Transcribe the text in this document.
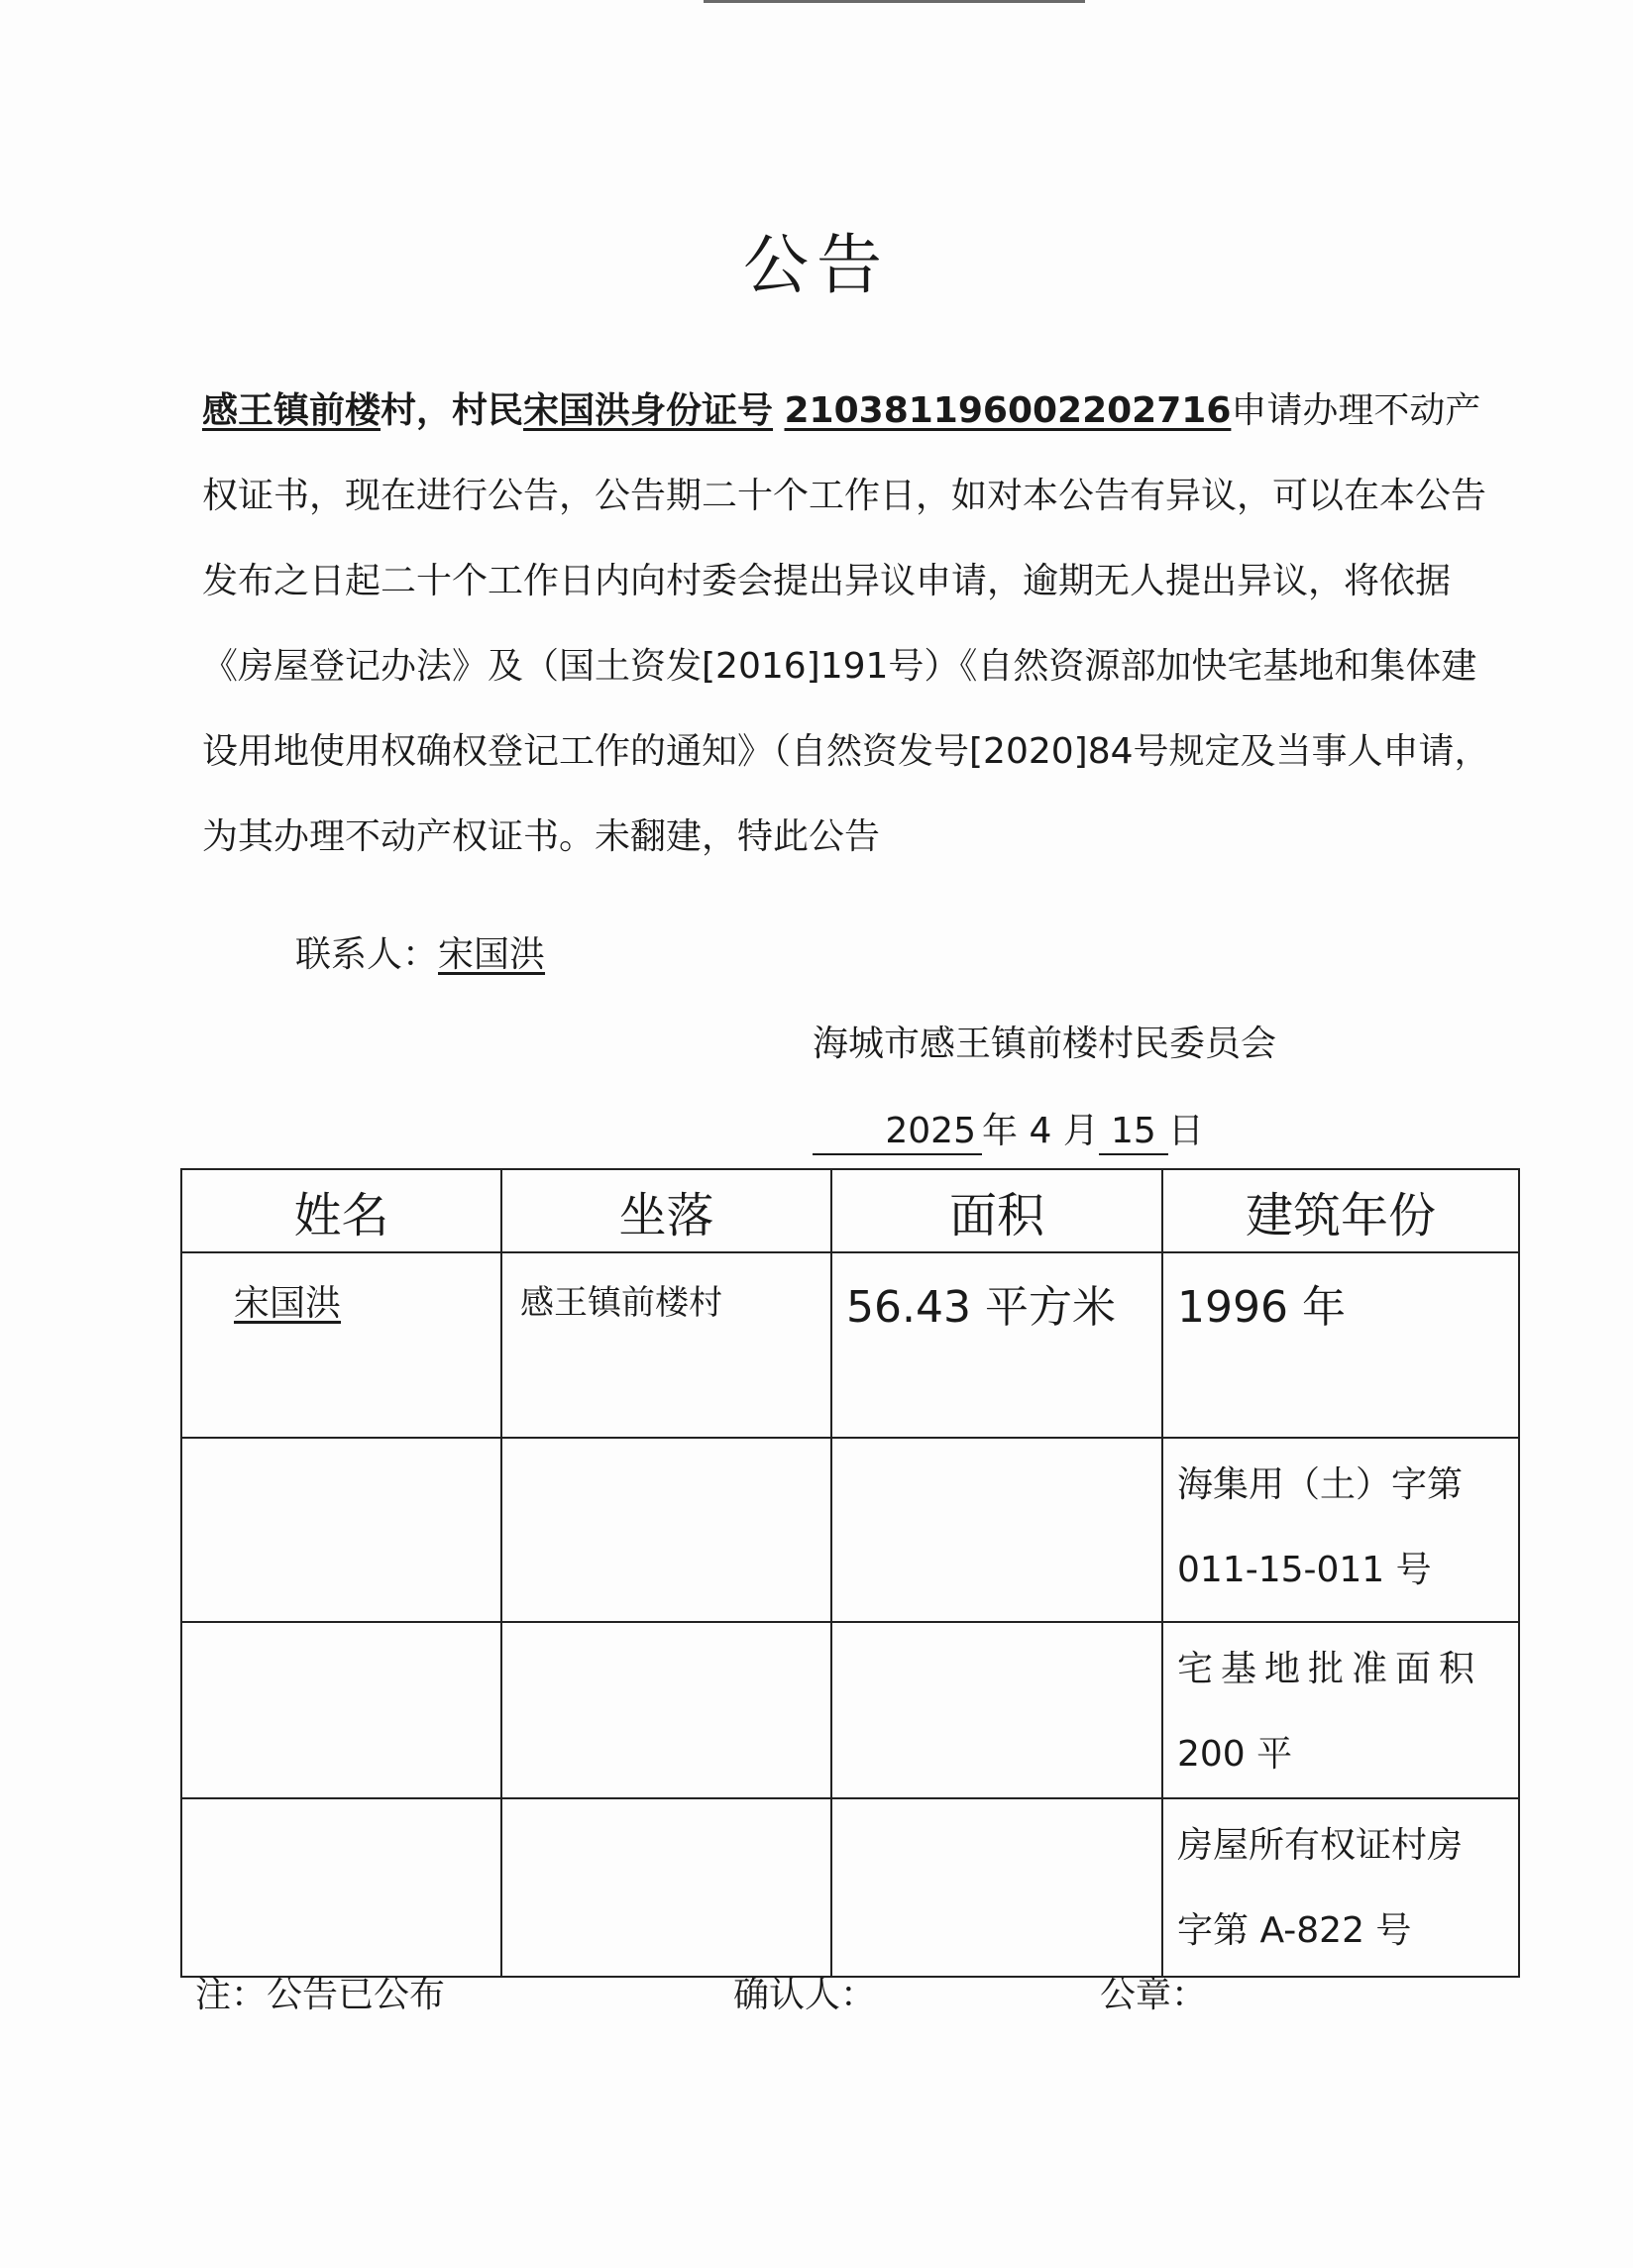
公告
感王镇前楼村，村民宋国洪身份证号 210381196002202716申请办理不动产权证书，现在进行公告，公告期二十个工作日，如对本公告有异议，可以在本公告发布之日起二十个工作日内向村委会提出异议申请，逾期无人提出异议，将依据《房屋登记办法》及（国土资发[2016]191号）《自然资源部加快宅基地和集体建设用地使用权确权登记工作的通知》（自然资发号[2020]84号规定及当事人申请，为其办理不动产权证书。未翻建，特此公告
联系人：宋国洪
海城市感王镇前楼村民委员会
2025 年 4 月 15 日
姓名	坐落	面积	建筑年份
宋国洪	感王镇前楼村	56.43 平方米	1996 年

			海集用（土）字第
011-15-011 号

			宅基地批准面积
200 平

			房屋所有权证村房
字第 A-822 号
注：公告已公布	确认人：	公章：
